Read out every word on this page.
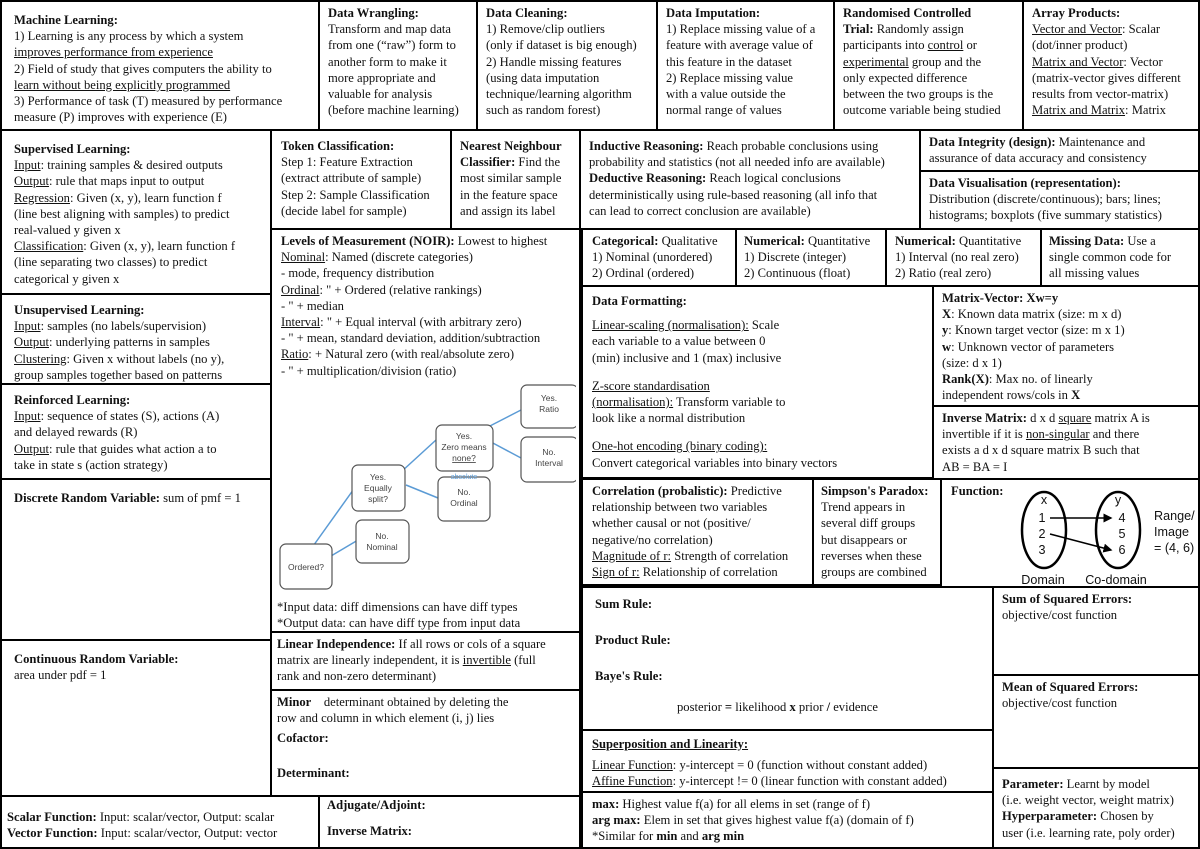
Machine Learning:
1) Learning is any process by which a system
improves performance from experience
2) Field of study that gives computers the ability to
learn without being explicitly programmed
3) Performance of task (T) measured by performance
measure (P) improves with experience (E)
Data Wrangling:
Transform and map data
from one (“raw”) form to
another form to make it
more appropriate and
valuable for analysis
(before machine learning)
Data Cleaning:
1) Remove/clip outliers
(only if dataset is big enough)
2) Handle missing features
(using data imputation
technique/learning algorithm
such as random forest)
Data Imputation:
1) Replace missing value of a
feature with average value of
this feature in the dataset
2) Replace missing value
with a value outside the
normal range of values
Randomised Controlled
Trial: Randomly assign
participants into control or
experimental group and the
only expected difference
between the two groups is the
outcome variable being studied
Array Products:
Vector and Vector: Scalar
(dot/inner product)
Matrix and Vector: Vector
(matrix-vector gives different
results from vector-matrix)
Matrix and Matrix: Matrix
Supervised Learning:
Input: training samples & desired outputs
Output: rule that maps input to output
Regression: Given (x, y), learn function f
(line best aligning with samples) to predict
real-valued y given x
Classification: Given (x, y), learn function f
(line separating two classes) to predict
categorical y given x
Token Classification:
Step 1: Feature Extraction
(extract attribute of sample)
Step 2: Sample Classification
(decide label for sample)
Nearest Neighbour
Classifier: Find the
most similar sample
in the feature space
and assign its label
Inductive Reasoning: Reach probable conclusions using
probability and statistics (not all needed info are available)
Deductive Reasoning: Reach logical conclusions
deterministically using rule-based reasoning (all info that
can lead to correct conclusion are available)
Data Integrity (design): Maintenance and
assurance of data accuracy and consistency
Data Visualisation (representation):
Distribution (discrete/continuous); bars; lines;
histograms; boxplots (five summary statistics)
Unsupervised Learning:
Input: samples (no labels/supervision)
Output: underlying patterns in samples
Clustering: Given x without labels (no y),
group samples together based on patterns
Levels of Measurement (NOIR): Lowest to highest
Nominal: Named (discrete categories)
- mode, frequency distribution
Ordinal: " + Ordered (relative rankings)
- " + median
Interval: " + Equal interval (with arbitrary zero)
- " + mean, standard deviation, addition/subtraction
Ratio: + Natural zero (with real/absolute zero)
- " + multiplication/division (ratio)
Ordered?
No.
Nominal
Yes.
Equally
split?
Yes.
Zero means
none?
absolute
No.
Ordinal
Yes.
Ratio
No.
Interval
*Input data: diff dimensions can have diff types
*Output data: can have diff type from input data
Categorical: Qualitative
1) Nominal (unordered)
2) Ordinal (ordered)
Numerical: Quantitative
1) Discrete (integer)
2) Continuous (float)
Numerical: Quantitative
1) Interval (no real zero)
2) Ratio (real zero)
Missing Data: Use a
single common code for
all missing values
Reinforced Learning:
Input: sequence of states (S), actions (A)
and delayed rewards (R)
Output: rule that guides what action a to
take in state s (action strategy)
Data Formatting:
Linear-scaling (normalisation): Scale
each variable to a value between 0
(min) inclusive and 1 (max) inclusive
Z-score standardisation
(normalisation): Transform variable to
look like a normal distribution
One-hot encoding (binary coding):
Convert categorical variables into binary vectors
Matrix-Vector: Xw=y
X: Known data matrix (size: m x d)
y: Known target vector (size: m x 1)
w: Unknown vector of parameters
(size: d x 1)
Rank(X): Max no. of linearly
independent rows/cols in X
Inverse Matrix: d x d square matrix A is
invertible if it is non-singular and there
exists a d x d square matrix B such that
AB = BA = I
Discrete Random Variable: sum of pmf = 1	Correlation (probalistic): Predictive
relationship between two variables
whether causal or not (positive/
negative/no correlation)
Magnitude of r: Strength of correlation
Sign of r: Relationship of correlation
Simpson's Paradox:
Trend appears in
several diff groups
but disappears or
reverses when these
groups are combined
Function:
x
1
2
3
y
4
5
6
Domain Co-domain
Range/
Image
= (4, 6)
Sum Rule:
Product Rule:
Baye's Rule:
posterior = likelihood x prior / evidence
Sum of Squared Errors:
objective/cost function
Mean of Squared Errors:
objective/cost function
Continuous Random Variable:
area under pdf = 1
Linear Independence: If all rows or cols of a square
matrix are linearly independent, it is invertible (full
rank and non-zero determinant)
Minor    determinant obtained by deleting the
row and column in which element (i, j) lies
Cofactor:
Determinant:
Superposition and Linearity:
Linear Function: y-intercept = 0 (function without constant added)
Affine Function: y-intercept != 0 (linear function with constant added)	Parameter: Learnt by model
(i.e. weight vector, weight matrix)
Hyperparameter: Chosen by
user (i.e. learning rate, poly order)
Scalar Function: Input: scalar/vector, Output: scalar
Vector Function: Input: scalar/vector, Output: vector
Adjugate/Adjoint:
Inverse Matrix:
max: Highest value f(a) for all elems in set (range of f)
arg max: Elem in set that gives highest value f(a) (domain of f)
*Similar for min and arg min
